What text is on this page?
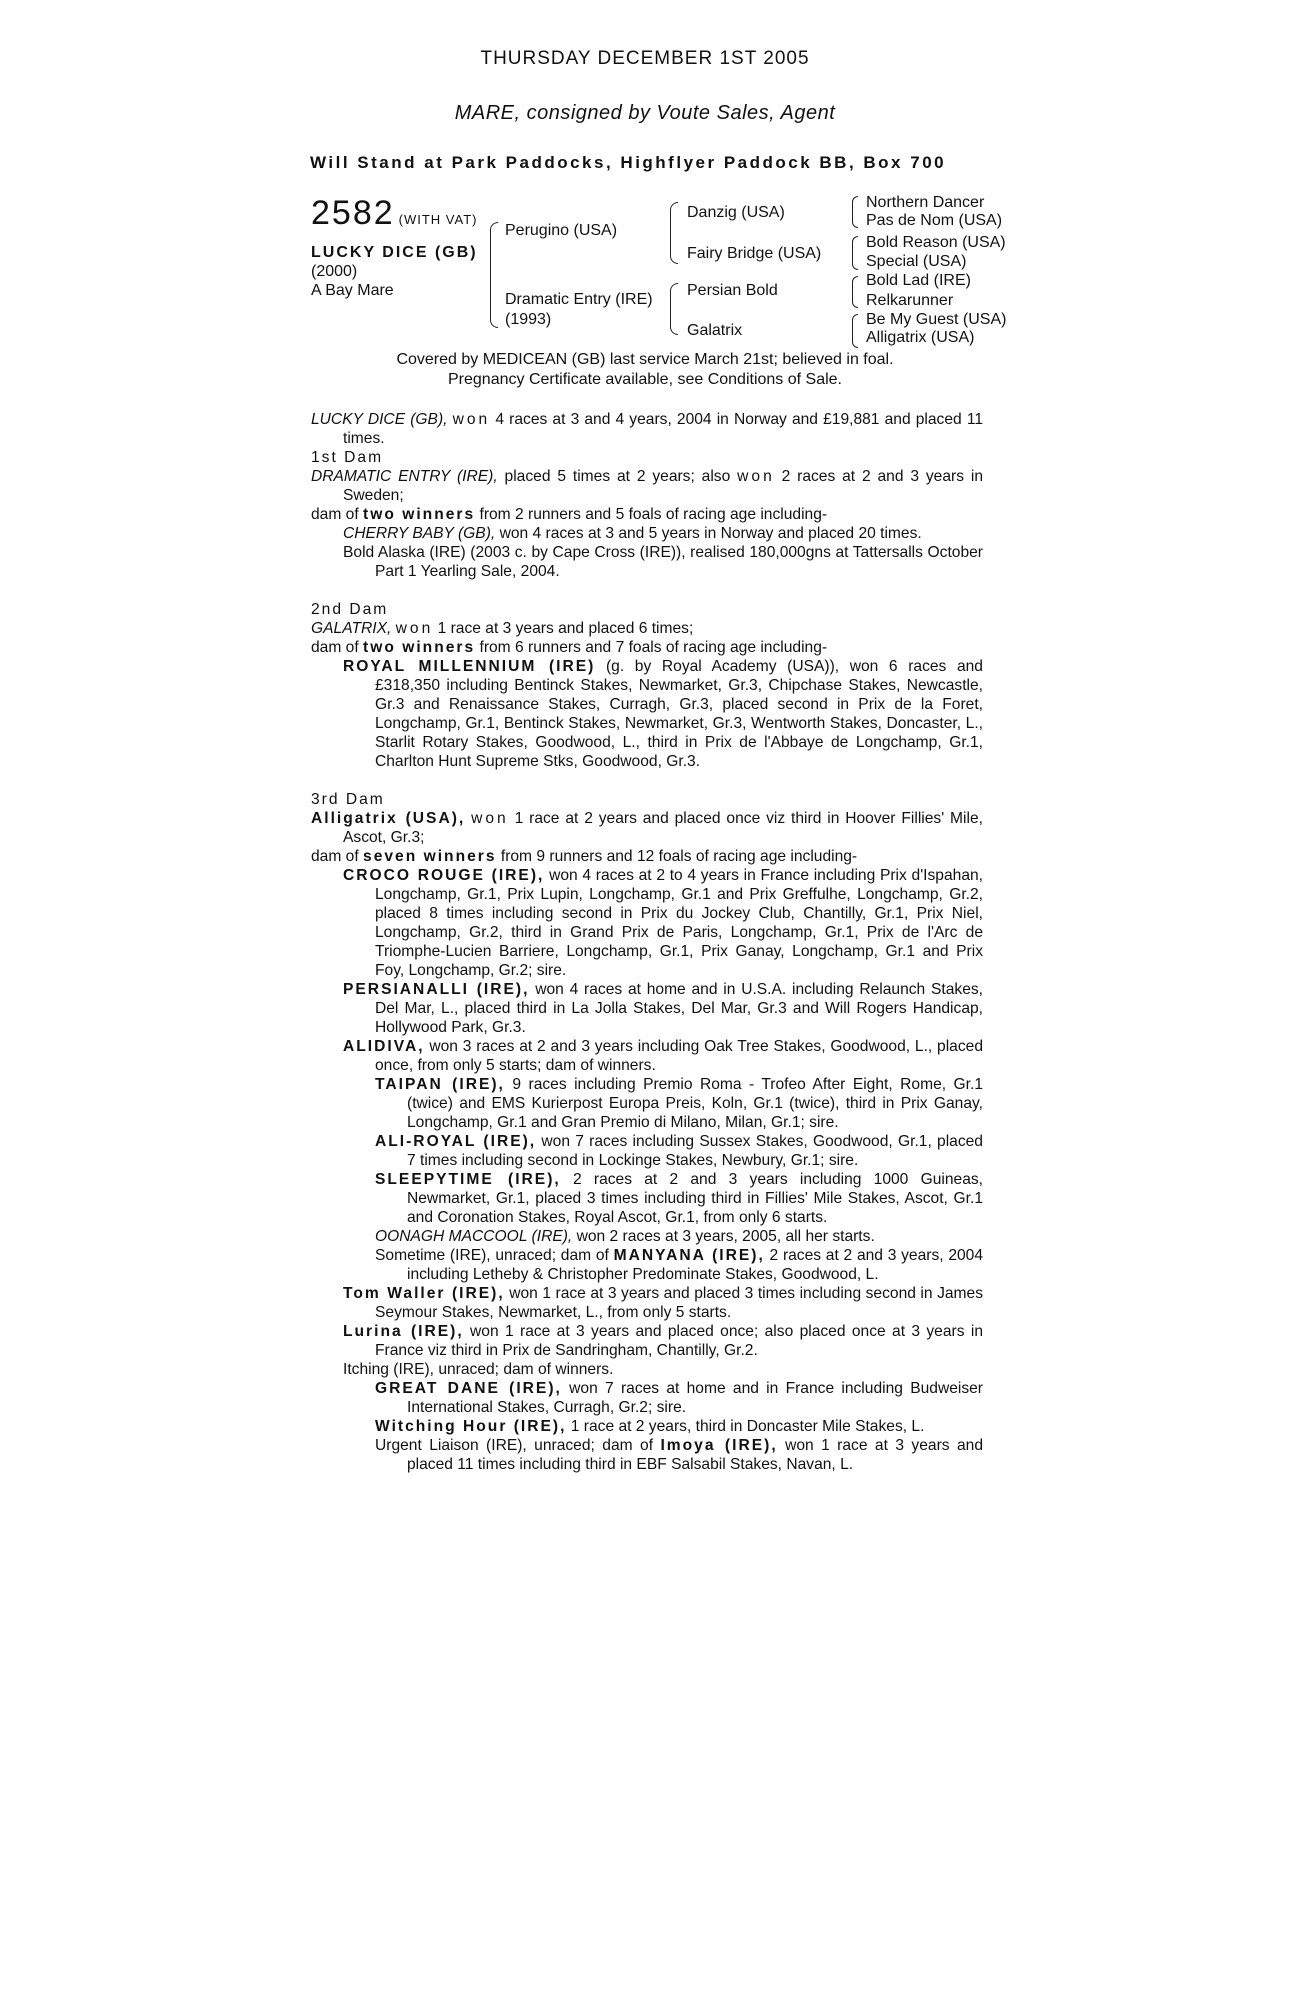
THURSDAY DECEMBER 1ST 2005
MARE, consigned by Voute Sales, Agent
Will Stand at Park Paddocks, Highflyer Paddock BB, Box 700
2582 (WITH VAT)
LUCKY DICE (GB)
(2000)
A Bay Mare
Perugino (USA)
Dramatic Entry (IRE)
(1993)
Danzig (USA)
Fairy Bridge (USA)
Persian Bold
Galatrix
Northern Dancer
Pas de Nom (USA)
Bold Reason (USA)
Special (USA)
Bold Lad (IRE)
Relkarunner
Be My Guest (USA)
Alligatrix (USA)
Covered by MEDICEAN (GB) last service March 21st; believed in foal.
Pregnancy Certificate available, see Conditions of Sale.

LUCKY DICE (GB), won 4 races at 3 and 4 years, 2004 in Norway and £19,881 and placed 11 times.

1st Dam

DRAMATIC ENTRY (IRE), placed 5 times at 2 years; also won 2 races at 2 and 3 years in Sweden;

dam of two winners from 2 runners and 5 foals of racing age including-

CHERRY BABY (GB), won 4 races at 3 and 5 years in Norway and placed 20 times.

Bold Alaska (IRE) (2003 c. by Cape Cross (IRE)), realised 180,000gns at Tattersalls October Part 1 Yearling Sale, 2004.

2nd Dam

GALATRIX, won 1 race at 3 years and placed 6 times;

dam of two winners from 6 runners and 7 foals of racing age including-

ROYAL MILLENNIUM (IRE) (g. by Royal Academy (USA)), won 6 races and £318,350 including Bentinck Stakes, Newmarket, Gr.3, Chipchase Stakes, Newcastle, Gr.3 and Renaissance Stakes, Curragh, Gr.3, placed second in Prix de la Foret, Longchamp, Gr.1, Bentinck Stakes, Newmarket, Gr.3, Wentworth Stakes, Doncaster, L., Starlit Rotary Stakes, Goodwood, L., third in Prix de l'Abbaye de Longchamp, Gr.1, Charlton Hunt Supreme Stks, Goodwood, Gr.3.

3rd Dam

Alligatrix (USA), won 1 race at 2 years and placed once viz third in Hoover Fillies' Mile, Ascot, Gr.3;

dam of seven winners from 9 runners and 12 foals of racing age including-

CROCO ROUGE (IRE), won 4 races at 2 to 4 years in France including Prix d'Ispahan, Longchamp, Gr.1, Prix Lupin, Longchamp, Gr.1 and Prix Greffulhe, Longchamp, Gr.2, placed 8 times including second in Prix du Jockey Club, Chantilly, Gr.1, Prix Niel, Longchamp, Gr.2, third in Grand Prix de Paris, Longchamp, Gr.1, Prix de l'Arc de Triomphe-Lucien Barriere, Longchamp, Gr.1, Prix Ganay, Longchamp, Gr.1 and Prix Foy, Longchamp, Gr.2; sire.

PERSIANALLI (IRE), won 4 races at home and in U.S.A. including Relaunch Stakes, Del Mar, L., placed third in La Jolla Stakes, Del Mar, Gr.3 and Will Rogers Handicap, Hollywood Park, Gr.3.

ALIDIVA, won 3 races at 2 and 3 years including Oak Tree Stakes, Goodwood, L., placed once, from only 5 starts; dam of winners.

TAIPAN (IRE), 9 races including Premio Roma - Trofeo After Eight, Rome, Gr.1 (twice) and EMS Kurierpost Europa Preis, Koln, Gr.1 (twice), third in Prix Ganay, Longchamp, Gr.1 and Gran Premio di Milano, Milan, Gr.1; sire.

ALI-ROYAL (IRE), won 7 races including Sussex Stakes, Goodwood, Gr.1, placed 7 times including second in Lockinge Stakes, Newbury, Gr.1; sire.

SLEEPYTIME (IRE), 2 races at 2 and 3 years including 1000 Guineas, Newmarket, Gr.1, placed 3 times including third in Fillies' Mile Stakes, Ascot, Gr.1 and Coronation Stakes, Royal Ascot, Gr.1, from only 6 starts.

OONAGH MACCOOL (IRE), won 2 races at 3 years, 2005, all her starts.

Sometime (IRE), unraced; dam of MANYANA (IRE), 2 races at 2 and 3 years, 2004 including Letheby & Christopher Predominate Stakes, Goodwood, L.

Tom Waller (IRE), won 1 race at 3 years and placed 3 times including second in James Seymour Stakes, Newmarket, L., from only 5 starts.

Lurina (IRE), won 1 race at 3 years and placed once; also placed once at 3 years in France viz third in Prix de Sandringham, Chantilly, Gr.2.

Itching (IRE), unraced; dam of winners.

GREAT DANE (IRE), won 7 races at home and in France including Budweiser International Stakes, Curragh, Gr.2; sire.

Witching Hour (IRE), 1 race at 2 years, third in Doncaster Mile Stakes, L.

Urgent Liaison (IRE), unraced; dam of Imoya (IRE), won 1 race at 3 years and placed 11 times including third in EBF Salsabil Stakes, Navan, L.
